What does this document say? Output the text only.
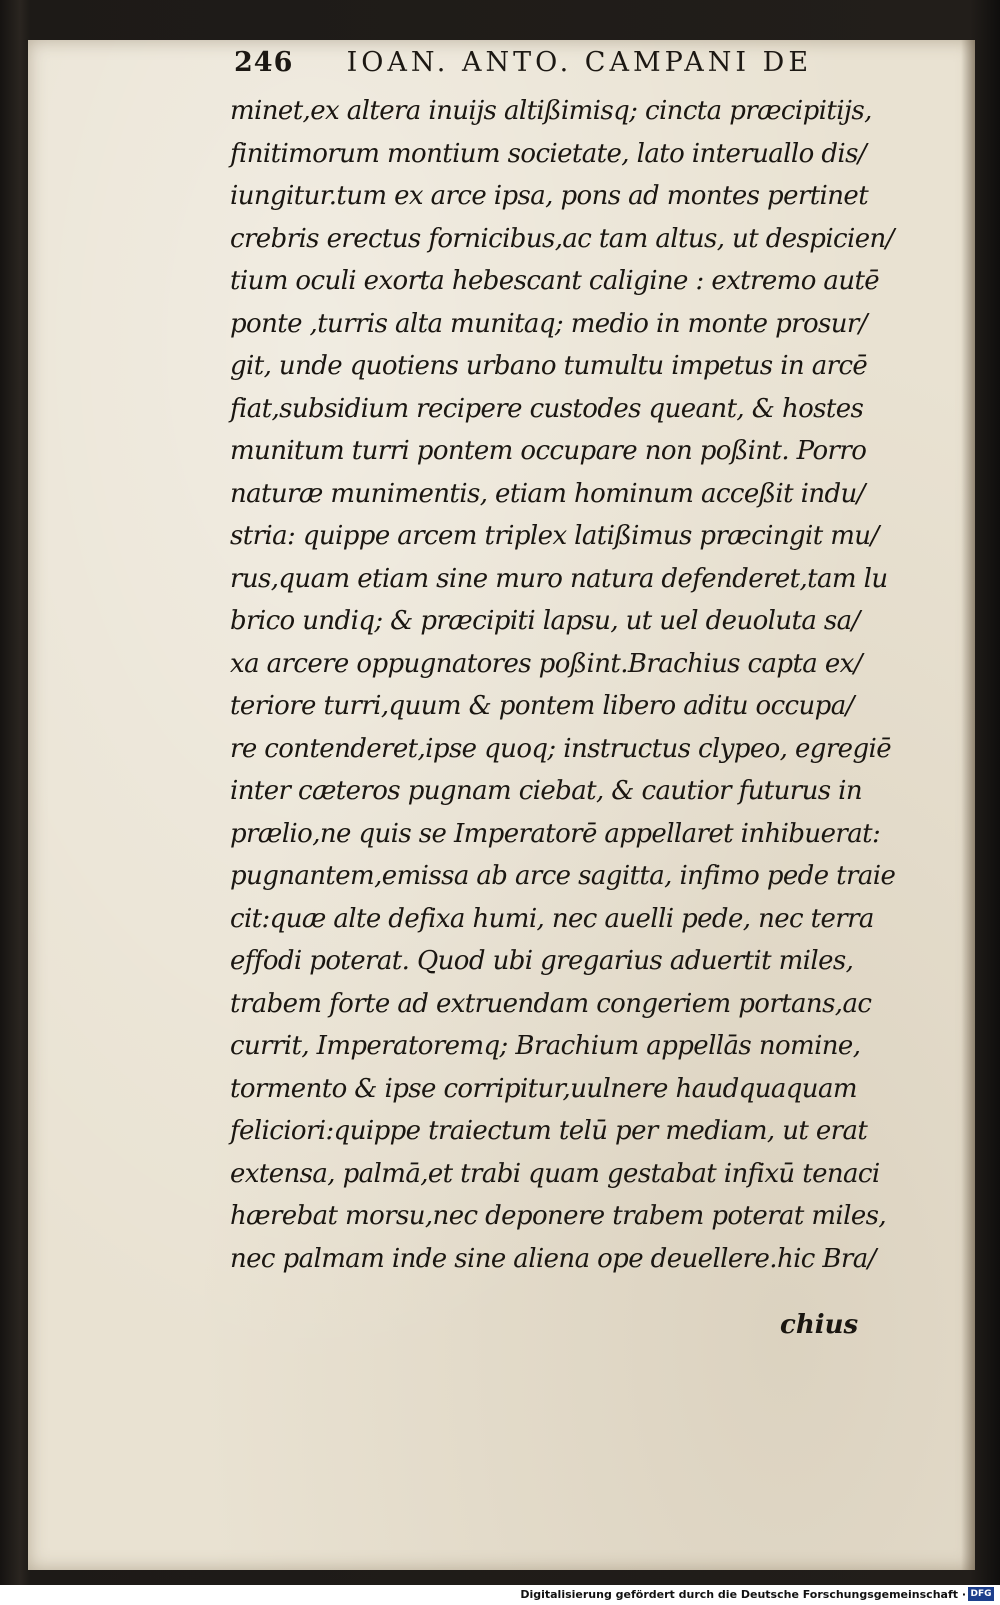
246 IOAN. ANTO. CAMPANI DE
minet,ex altera inuijs altißimisq; cincta præcipitijs,
finitimorum montium societate, lato interuallo dis/
iungitur.tum ex arce ipsa, pons ad montes pertinet
crebris erectus fornicibus,ac tam altus, ut despicien/
tium oculi exorta hebescant caligine : extremo autē
ponte ,turris alta munitaq; medio in monte prosur/
git, unde quotiens urbano tumultu impetus in arcē
fiat,subsidium recipere custodes queant, & hostes
munitum turri pontem occupare non poßint. Porro
naturæ munimentis, etiam hominum acceßit indu/
stria: quippe arcem triplex latißimus præcingit mu/
rus,quam etiam sine muro natura defenderet,tam lu
brico undiq; & præcipiti lapsu, ut uel deuoluta sa/
xa arcere oppugnatores poßint.Brachius capta ex/
teriore turri,quum & pontem libero aditu occupa/
re contenderet,ipse quoq; instructus clypeo, egregiē
inter cæteros pugnam ciebat, & cautior futurus in
prælio,ne quis se Imperatorē appellaret inhibuerat:
pugnantem,emissa ab arce sagitta, infimo pede traie
cit:quæ alte defixa humi, nec auelli pede, nec terra
effodi poterat. Quod ubi gregarius aduertit miles,
trabem forte ad extruendam congeriem portans,ac
currit, Imperatoremq; Brachium appellās nomine,
tormento & ipse corripitur,uulnere haudquaquam
feliciori:quippe traiectum telū per mediam, ut erat
extensa, palmā,et trabi quam gestabat infixū tenaci
hærebat morsu,nec deponere trabem poterat miles,
nec palmam inde sine aliena ope deuellere.hic Bra/
chius
Digitalisierung gefördert durch die Deutsche Forschungsgemeinschaft · DFG
